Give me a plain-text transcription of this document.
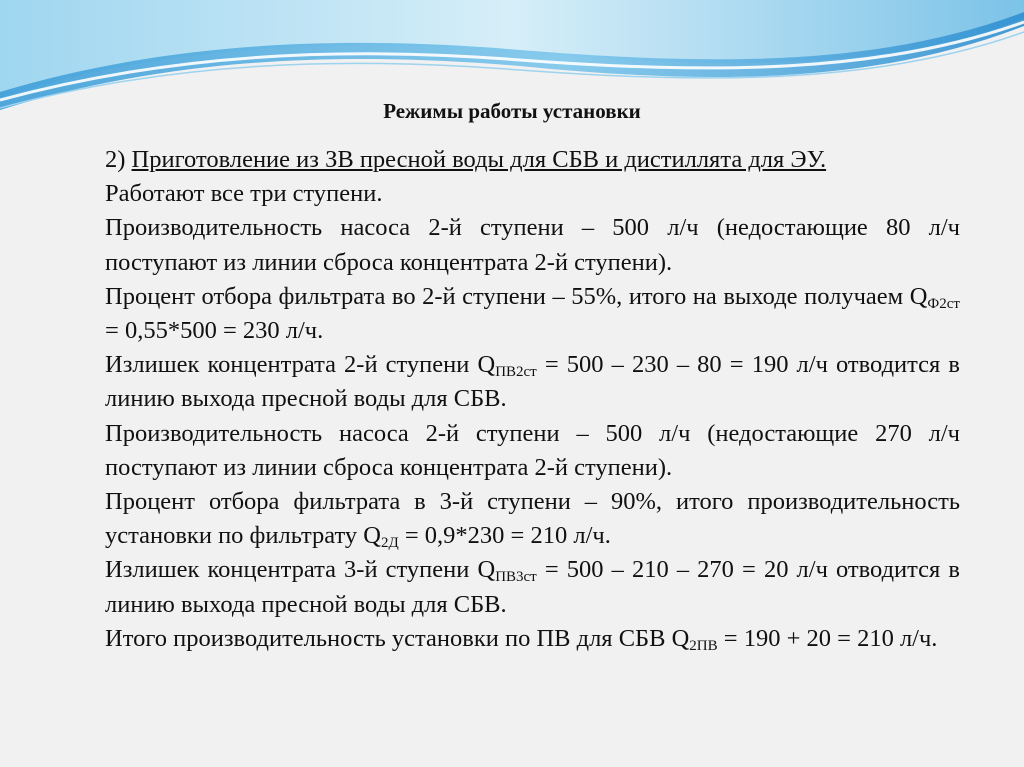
Режимы работы установки

2) Приготовление из ЗВ пресной воды для СБВ и дистиллята для ЭУ.

Работают все три ступени.

Производительность насоса 2-й ступени – 500 л/ч (недостающие 80 л/ч поступают из линии сброса концентрата 2-й ступени).

Процент отбора фильтрата во 2-й ступени – 55%, итого на выходе получаем $Q_{Ф2ст} = 0,55*500 = 230$ л/ч.

Излишек концентрата 2-й ступени $Q_{ПВ2ст} = 500 - 230 - 80 = 190$ л/ч отводится в линию выхода пресной воды для СБВ.

Производительность насоса 2-й ступени – 500 л/ч (недостающие 270 л/ч поступают из линии сброса концентрата 2-й ступени).

Процент отбора фильтрата в 3-й ступени – 90%, итого производительность установки по фильтрату $Q_{2Д} = 0,9*230 = 210$ л/ч.

Излишек концентрата 3-й ступени $Q_{ПВ3ст} = 500 - 210 - 270 = 20$ л/ч отводится в линию выхода пресной воды для СБВ.

Итого производительность установки по ПВ для СБВ $Q_{2ПВ} = 190 + 20 = 210$ л/ч.
